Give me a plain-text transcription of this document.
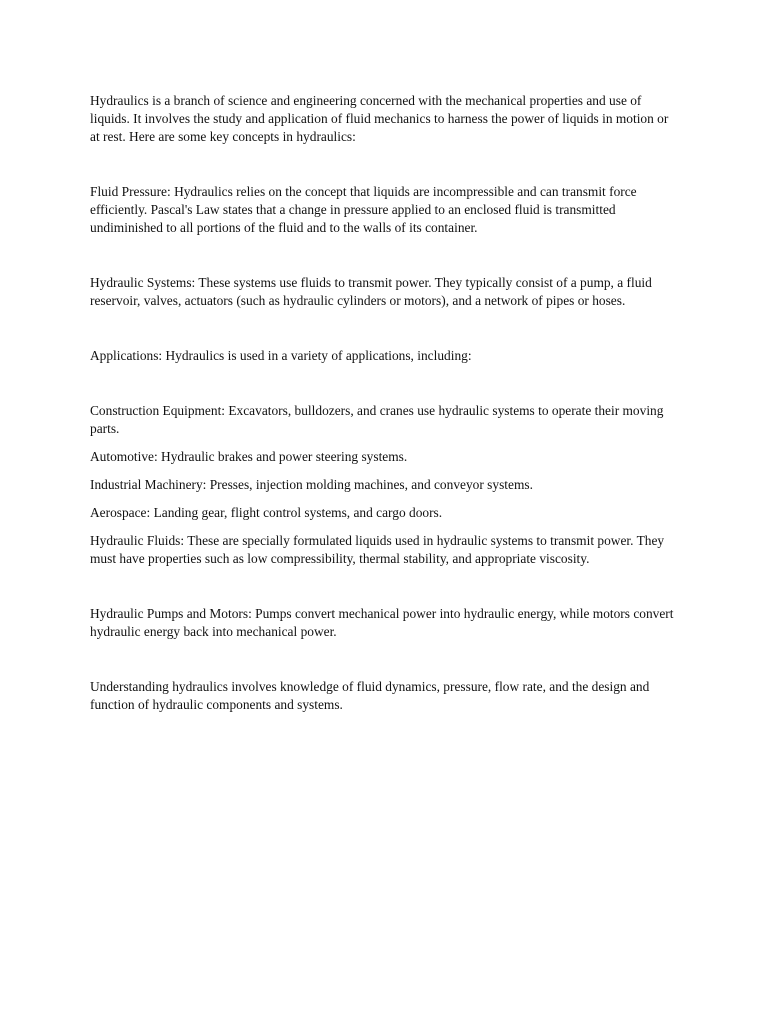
Hydraulics is a branch of science and engineering concerned with the mechanical properties and use of liquids. It involves the study and application of fluid mechanics to harness the power of liquids in motion or at rest. Here are some key concepts in hydraulics:

Fluid Pressure: Hydraulics relies on the concept that liquids are incompressible and can transmit force efficiently. Pascal's Law states that a change in pressure applied to an enclosed fluid is transmitted undiminished to all portions of the fluid and to the walls of its container.

Hydraulic Systems: These systems use fluids to transmit power. They typically consist of a pump, a fluid reservoir, valves, actuators (such as hydraulic cylinders or motors), and a network of pipes or hoses.

Applications: Hydraulics is used in a variety of applications, including:

Construction Equipment: Excavators, bulldozers, and cranes use hydraulic systems to operate their moving parts.

Automotive: Hydraulic brakes and power steering systems.

Industrial Machinery: Presses, injection molding machines, and conveyor systems.

Aerospace: Landing gear, flight control systems, and cargo doors.

Hydraulic Fluids: These are specially formulated liquids used in hydraulic systems to transmit power. They must have properties such as low compressibility, thermal stability, and appropriate viscosity.

Hydraulic Pumps and Motors: Pumps convert mechanical power into hydraulic energy, while motors convert hydraulic energy back into mechanical power.

Understanding hydraulics involves knowledge of fluid dynamics, pressure, flow rate, and the design and function of hydraulic components and systems.
